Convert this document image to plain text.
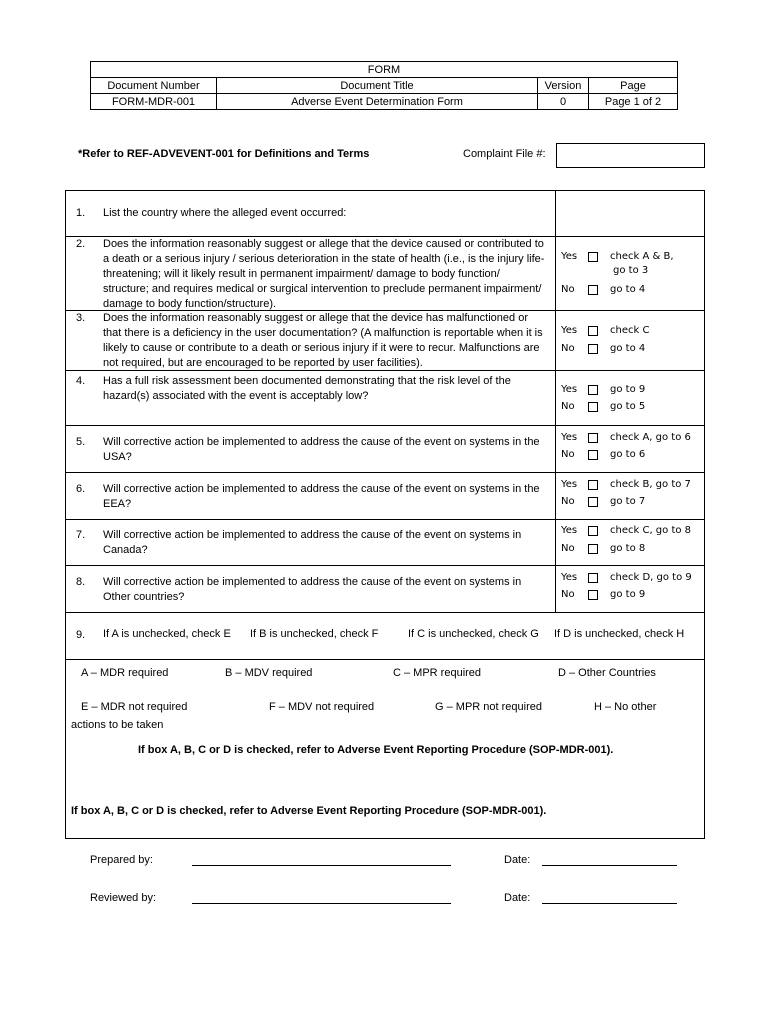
FORM			
Document Number	Document Title	Version	Page
FORM-MDR-001	Adverse Event Determination Form	0	Page 1 of 2
*Refer to REF-ADVEVENT-001 for Definitions and Terms	Complaint File #:
1. List the country where the alleged event occurred:
2. Does the information reasonably suggest or allege that the device caused or contributed to a death or a serious injury / serious deterioration in the state of health (i.e., is the injury life-threatening; will it likely result in permanent impairment/ damage to body function/ structure; and requires medical or surgical intervention to preclude permanent impairment/ damage to body function/structure).
Yes	check A & B,
go to 3
No	go to 4
3. Does the information reasonably suggest or allege that the device has malfunctioned or that there is a deficiency in the user documentation? (A malfunction is reportable when it is likely to cause or contribute to a death or serious injury if it were to recur. Malfunctions are not required, but are encouraged to be reported by user facilities).
Yes	check C
No	go to 4
4. Has a full risk assessment been documented demonstrating that the risk level of the hazard(s) associated with the event is acceptably low?
Yes	go to 9
No	go to 5
5. Will corrective action be implemented to address the cause of the event on systems in the USA?
Yes	check A, go to 6
No	go to 6
6. Will corrective action be implemented to address the cause of the event on systems in the EEA?
Yes	check B, go to 7
No	go to 7
7. Will corrective action be implemented to address the cause of the event on systems in Canada?
Yes	check C, go to 8
No	go to 8
8. Will corrective action be implemented to address the cause of the event on systems in Other countries?
Yes	check D, go to 9
No	go to 9
9. If A is unchecked, check E If B is unchecked, check F	If C is unchecked, check G If D is unchecked, check H
A – MDR required	B – MDV required	C – MPR required	D – Other Countries
E – MDR not required	F – MDV not required	G – MPR not required	H – No other
actions to be taken
If box A, B, C or D is checked, refer to Adverse Event Reporting Procedure (SOP-MDR-001).
If box A, B, C or D is checked, refer to Adverse Event Reporting Procedure (SOP-MDR-001).
Prepared by:	Date:
Reviewed by:	Date:
